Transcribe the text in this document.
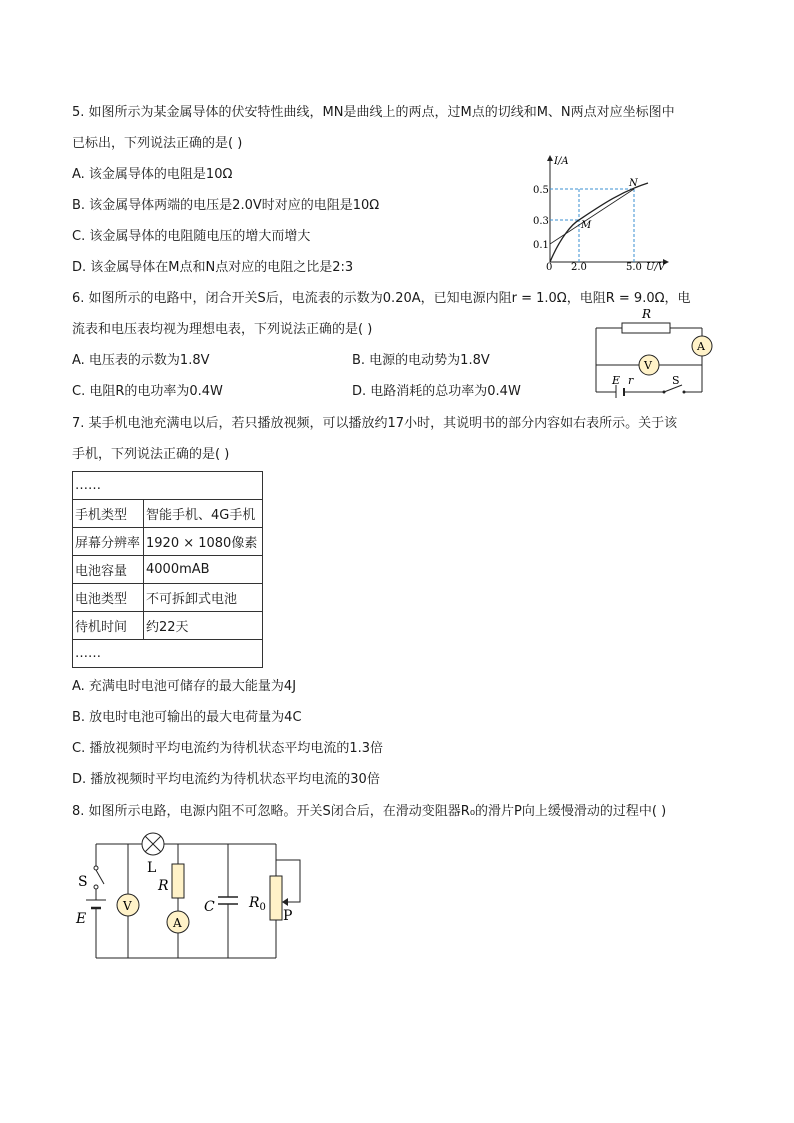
5. 如图所示为某金属导体的伏安特性曲线，MN是曲线上的两点，过M点的切线和M、N两点对应坐标图中
已标出，下列说法正确的是( )
A. 该金属导体的电阻是10Ω
B. 该金属导体两端的电压是2.0V时对应的电阻是10Ω
C. 该金属导体的电阻随电压的增大而增大
D. 该金属导体在M点和N点对应的电阻之比是2:3
I/A
U/V
0
0.5
0.3
0.1
2.0	5.0
M
N
6. 如图所示的电路中，闭合开关S后，电流表的示数为0.20A，已知电源内阻r = 1.0Ω，电阻R = 9.0Ω，电
流表和电压表均视为理想电表，下列说法正确的是( )
A. 电压表的示数为1.8V	B. 电源的电动势为1.8V
C. 电阻R的电功率为0.4W	D. 电路消耗的总功率为0.4W
R
A
V
E r	S
7. 某手机电池充满电以后，若只播放视频，可以播放约17小时，其说明书的部分内容如右表所示。关于该
手机，下列说法正确的是( )
……	
手机类型	智能手机、4G手机
屏幕分辨率	1920 × 1080像素
电池容量	4000mAB
电池类型	不可拆卸式电池
待机时间	约22天
……	
A. 充满电时电池可储存的最大能量为4J
B. 放电时电池可输出的最大电荷量为4C
C. 播放视频时平均电流约为待机状态平均电流的1.3倍
D. 播放视频时平均电流约为待机状态平均电流的30倍
8. 如图所示电路，电源内阻不可忽略。开关S闭合后，在滑动变阻器R₀的滑片P向上缓慢滑动的过程中( )
S
E
L
V
R
A
C $R_0$
P
